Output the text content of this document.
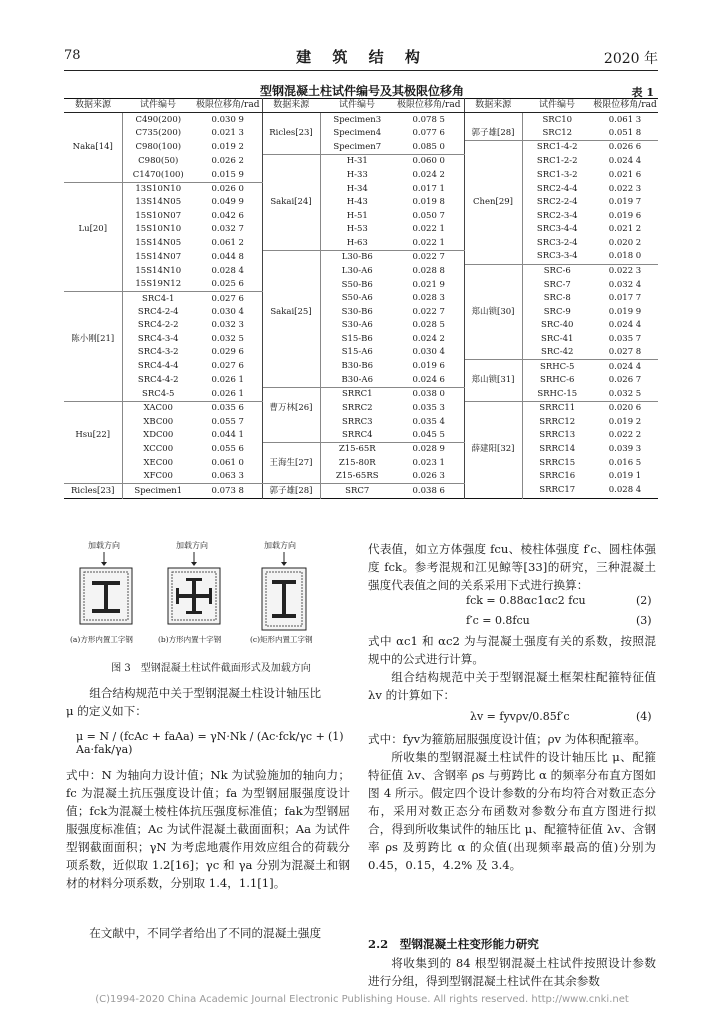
78	建 筑 结 构	2020 年
型钢混凝土柱试件编号及其极限位移角	表 1
数据来源	试件编号	极限位移角/rad	数据来源	试件编号	极限位移角/rad	数据来源	试件编号	极限位移角/rad
	C490(200)	0.030 9		Specimen3	0.078 5		SRC10	0.061 3
	C735(200)	0.021 3	Ricles[23]	Specimen4	0.077 6	郭子雄[28]	SRC12	0.051 8
Naka[14]	C980(100)	0.019 2		Specimen7	0.085 0		SRC1-4-2	0.026 6
	C980(50)	0.026 2		H-31	0.060 0		SRC1-2-2	0.024 4
	C1470(100)	0.015 9		H-33	0.024 2		SRC1-3-2	0.021 6
	13S10N10	0.026 0		H-34	0.017 1		SRC2-4-4	0.022 3
	13S14N05	0.049 9	Sakai[24]	H-43	0.019 8	Chen[29]	SRC2-2-4	0.019 7
	15S10N07	0.042 6		H-51	0.050 7		SRC2-3-4	0.019 6
Lu[20]	15S10N10	0.032 7		H-53	0.022 1		SRC3-4-4	0.021 2
	15S14N05	0.061 2		H-63	0.022 1		SRC3-2-4	0.020 2
	15S14N07	0.044 8		L30-B6	0.022 7		SRC3-3-4	0.018 0
	15S14N10	0.028 4		L30-A6	0.028 8		SRC-6	0.022 3
	15S19N12	0.025 6		S50-B6	0.021 9		SRC-7	0.032 4
	SRC4-1	0.027 6		S50-A6	0.028 3		SRC-8	0.017 7
	SRC4-2-4	0.030 4	Sakai[25]	S30-B6	0.022 7	郑山锁[30]	SRC-9	0.019 9
	SRC4-2-2	0.032 3		S30-A6	0.028 5		SRC-40	0.024 4
陈小刚[21]	SRC4-3-4	0.032 5		S15-B6	0.024 2		SRC-41	0.035 7
	SRC4-3-2	0.029 6		S15-A6	0.030 4		SRC-42	0.027 8
	SRC4-4-4	0.027 6		B30-B6	0.019 6		SRHC-5	0.024 4
	SRC4-4-2	0.026 1		B30-A6	0.024 6	郑山锁[31]	SRHC-6	0.026 7
	SRC4-5	0.026 1		SRRC1	0.038 0		SRHC-15	0.032 5
	XAC00	0.035 6	曹万林[26]	SRRC2	0.035 3		SRRC11	0.020 6
	XBC00	0.055 7		SRRC3	0.035 4		SRRC12	0.019 2
Hsu[22]	XDC00	0.044 1		SRRC4	0.045 5		SRRC13	0.022 2
	XCC00	0.055 6		Z15-65R	0.028 9	薛建阳[32]	SRRC14	0.039 3
	XEC00	0.061 0	王海生[27]	Z15-80R	0.023 1		SRRC15	0.016 5
	XFC00	0.063 3		Z15-65RS	0.026 3		SRRC16	0.019 1
Ricles[23]	Specimen1	0.073 8	郭子雄[28]	SRC7	0.038 6		SRRC17	0.028 4
加载方向
(a)方形内置工字钢
加载方向
(b)方形内置十字钢
加载方向
(c)矩形内置工字钢
图 3　型钢混凝土柱试件截面形式及加载方向
组合结构规范中关于型钢混凝土柱设计轴压比
μ 的定义如下：
μ = N / (fcAc + faAa) = γN·Nk / (Ac·fck/γc + Aa·fak/γa)
(1)
式中：N 为轴向力设计值；Nk 为试验施加的轴向力；fc 为混凝土抗压强度设计值；fa 为型钢屈服强度设计值；fck为混凝土棱柱体抗压强度标准值；fak为型钢屈服强度标准值；Ac 为试件混凝土截面面积；Aa 为试件型钢截面面积；γN 为考虑地震作用效应组合的荷载分项系数，近似取 1.2[16]；γc 和 γa 分别为混凝土和钢材的材料分项系数，分别取 1.4，1.1[1]。
在文献中，不同学者给出了不同的混凝土强度
代表值，如立方体强度 fcu、棱柱体强度 f′c、圆柱体强度 fck。参考混规和江见鲸等[33]的研究，三种混凝土强度代表值之间的关系采用下式进行换算：
fck = 0.88αc1αc2 fcu	(2)
f′c = 0.8fcu	(3)
式中 αc1 和 αc2 为与混凝土强度有关的系数，按照混规中的公式进行计算。
组合结构规范中关于型钢混凝土框架柱配箍特征值 λv 的计算如下：
λv = fyvρv/0.85f′c	(4)
式中：fyv为箍筋屈服强度设计值；ρv 为体积配箍率。
所收集的型钢混凝土柱试件的设计轴压比 μ、配箍特征值 λv、含钢率 ρs 与剪跨比 α 的频率分布直方图如图 4 所示。假定四个设计参数的分布均符合对数正态分布，采用对数正态分布函数对参数分布直方图进行拟合，得到所收集试件的轴压比 μ、配箍特征值 λv、含钢率 ρs 及剪跨比 α 的众值(出现频率最高的值)分别为 0.45，0.15，4.2% 及 3.4。
2.2　型钢混凝土柱变形能力研究
将收集到的 84 根型钢混凝土柱试件按照设计参数进行分组，得到型钢混凝土柱试件在其余参数
(C)1994-2020 China Academic Journal Electronic Publishing House. All rights reserved. http://www.cnki.net
